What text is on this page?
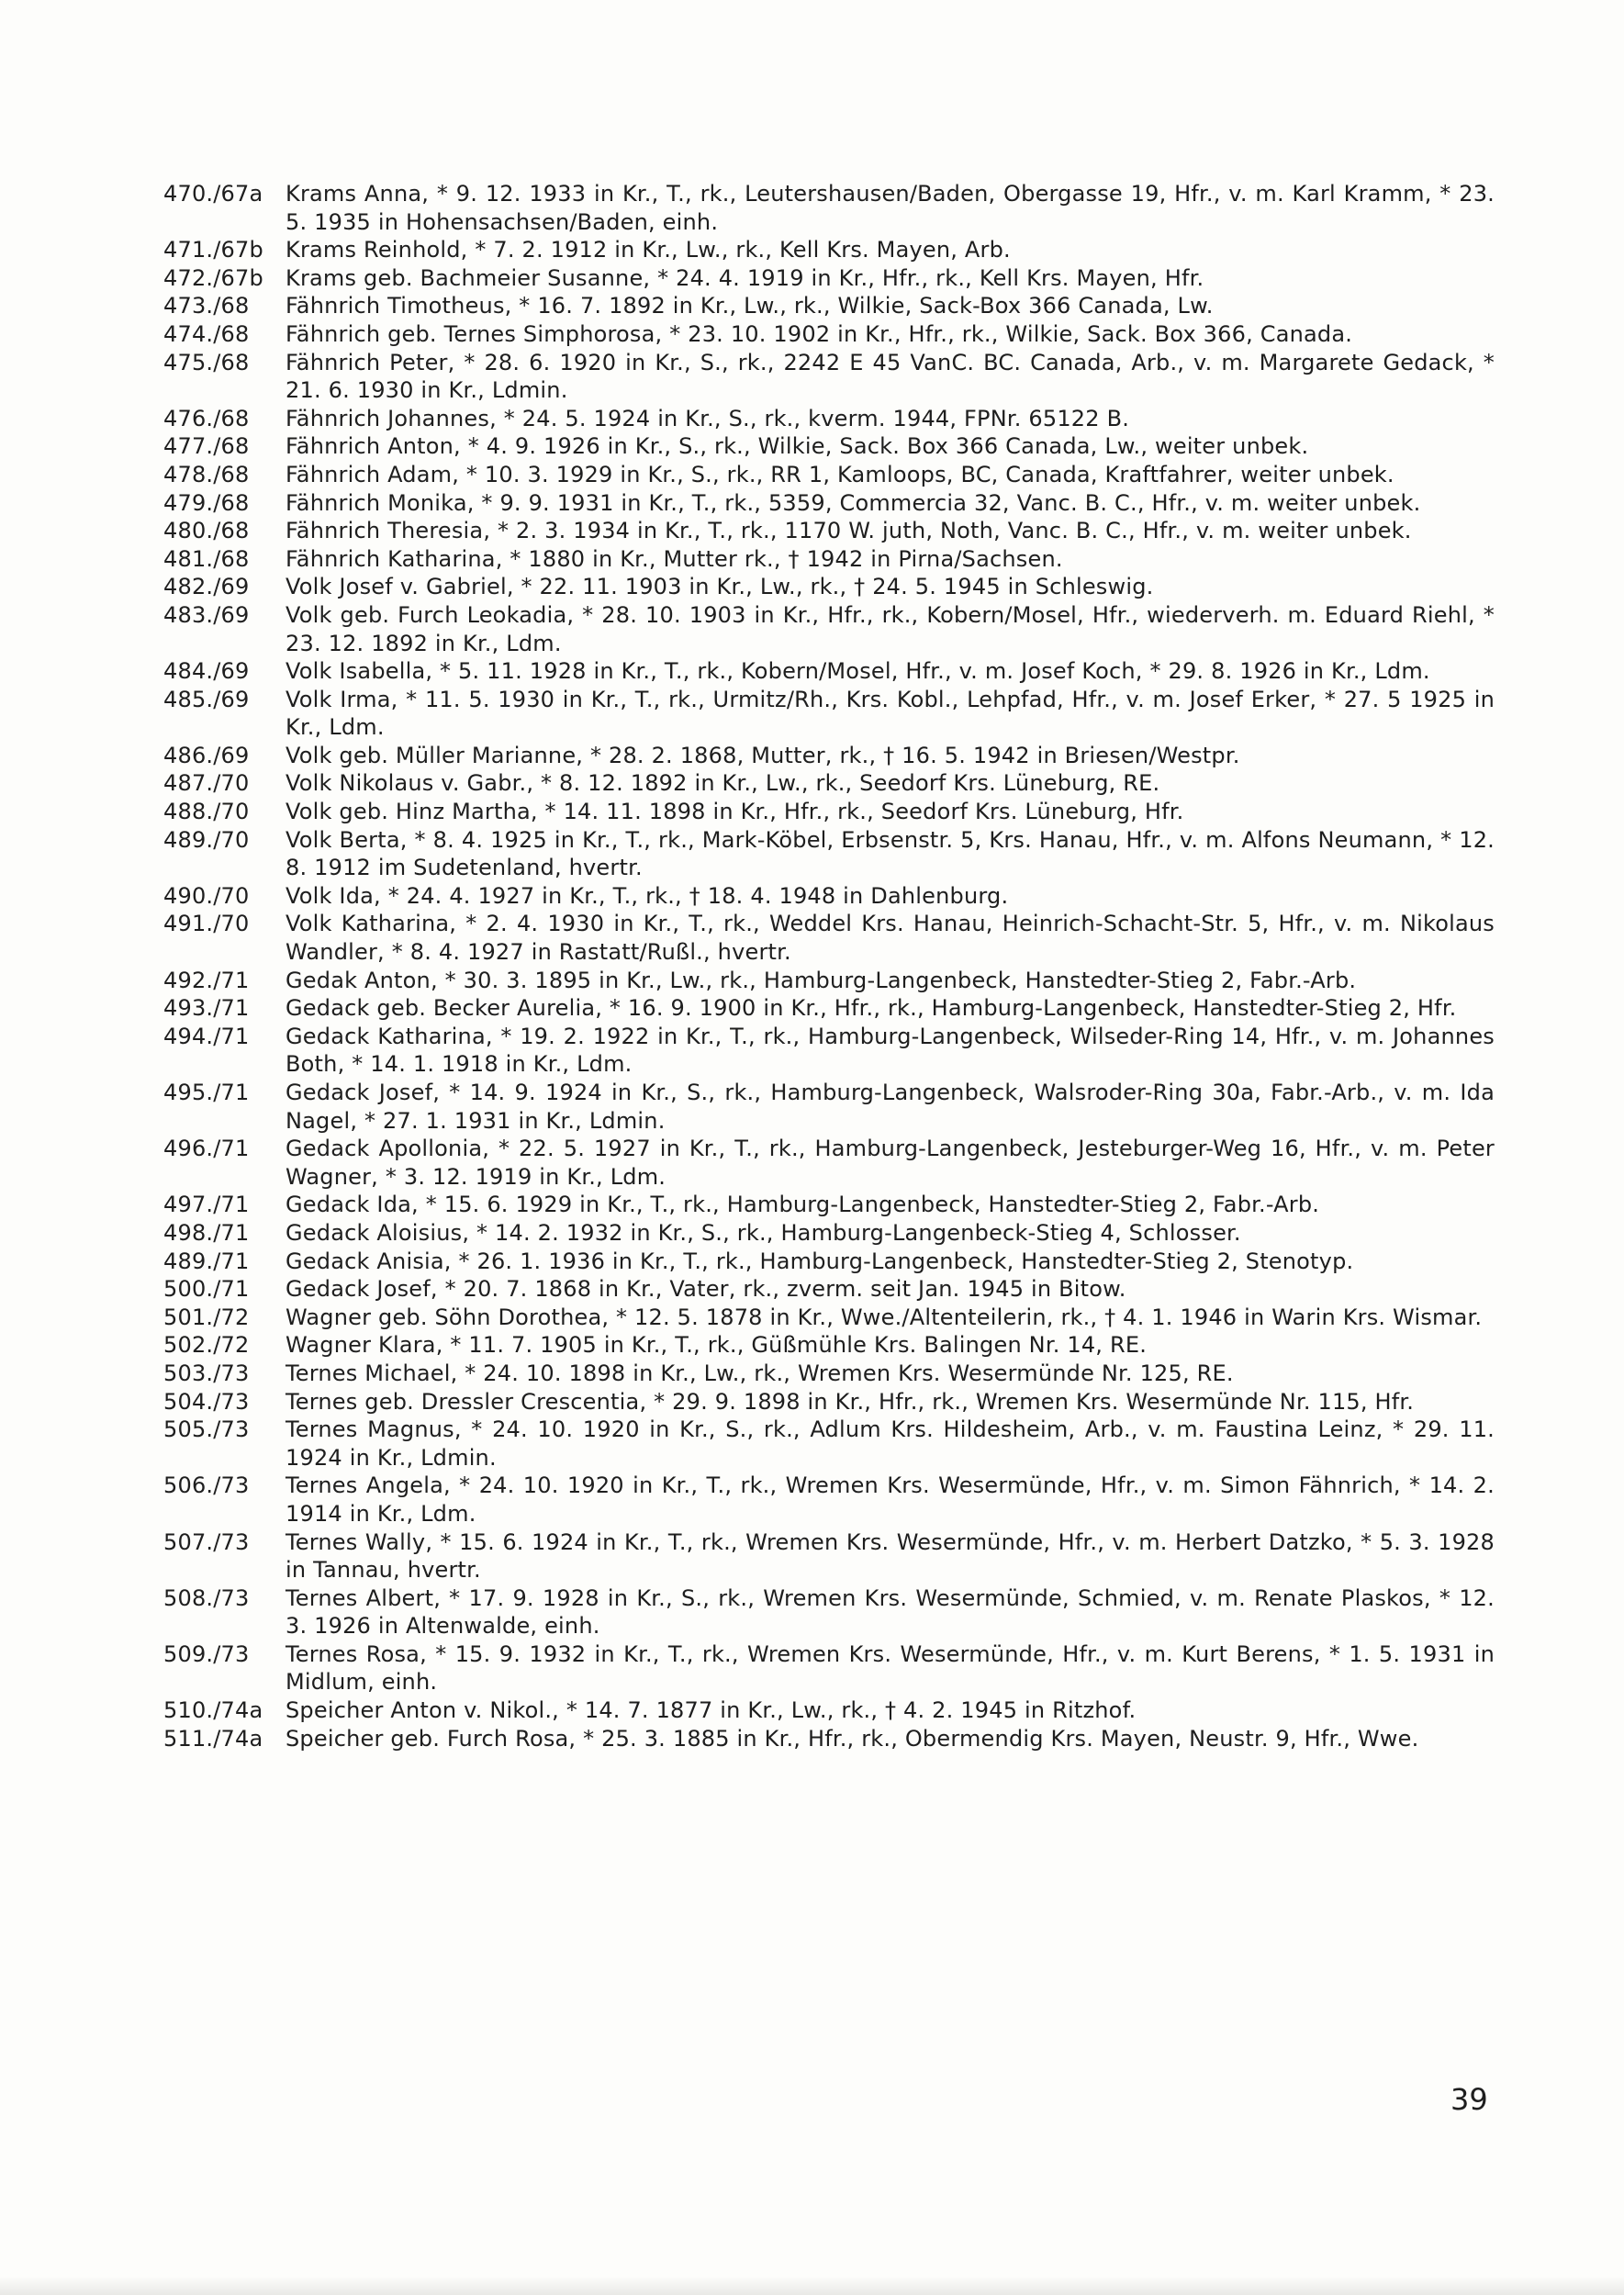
470./67a	Krams Anna, * 9. 12. 1933 in Kr., T., rk., Leutershausen/Baden, Obergasse 19, Hfr., v. m. Karl Kramm, * 23. 5. 1935 in Hohensachsen/Baden, einh.
471./67b	Krams Reinhold, * 7. 2. 1912 in Kr., Lw., rk., Kell Krs. Mayen, Arb.
472./67b	Krams geb. Bachmeier Susanne, * 24. 4. 1919 in Kr., Hfr., rk., Kell Krs. Mayen, Hfr.
473./68	Fähnrich Timotheus, * 16. 7. 1892 in Kr., Lw., rk., Wilkie, Sack-Box 366 Canada, Lw.
474./68	Fähnrich geb. Ternes Simphorosa, * 23. 10. 1902 in Kr., Hfr., rk., Wilkie, Sack. Box 366, Canada.
475./68	Fähnrich Peter, * 28. 6. 1920 in Kr., S., rk., 2242 E 45 VanC. BC. Canada, Arb., v. m. Margarete Gedack, * 21. 6. 1930 in Kr., Ldmin.
476./68	Fähnrich Johannes, * 24. 5. 1924 in Kr., S., rk., kverm. 1944, FPNr. 65122 B.
477./68	Fähnrich Anton, * 4. 9. 1926 in Kr., S., rk., Wilkie, Sack. Box 366 Canada, Lw., weiter unbek.
478./68	Fähnrich Adam, * 10. 3. 1929 in Kr., S., rk., RR 1, Kamloops, BC, Canada, Kraftfahrer, weiter unbek.
479./68	Fähnrich Monika, * 9. 9. 1931 in Kr., T., rk., 5359, Commercia 32, Vanc. B. C., Hfr., v. m. weiter unbek.
480./68	Fähnrich Theresia, * 2. 3. 1934 in Kr., T., rk., 1170 W. juth, Noth, Vanc. B. C., Hfr., v. m. weiter unbek.
481./68	Fähnrich Katharina, * 1880 in Kr., Mutter rk., † 1942 in Pirna/Sachsen.
482./69	Volk Josef v. Gabriel, * 22. 11. 1903 in Kr., Lw., rk., † 24. 5. 1945 in Schleswig.
483./69	Volk geb. Furch Leokadia, * 28. 10. 1903 in Kr., Hfr., rk., Kobern/Mosel, Hfr., wiederverh. m. Eduard Riehl, * 23. 12. 1892 in Kr., Ldm.
484./69	Volk Isabella, * 5. 11. 1928 in Kr., T., rk., Kobern/Mosel, Hfr., v. m. Josef Koch, * 29. 8. 1926 in Kr., Ldm.
485./69	Volk Irma, * 11. 5. 1930 in Kr., T., rk., Urmitz/Rh., Krs. Kobl., Lehpfad, Hfr., v. m. Josef Erker, * 27. 5 1925 in Kr., Ldm.
486./69	Volk geb. Müller Marianne, * 28. 2. 1868, Mutter, rk., † 16. 5. 1942 in Briesen/Westpr.
487./70	Volk Nikolaus v. Gabr., * 8. 12. 1892 in Kr., Lw., rk., Seedorf Krs. Lüneburg, RE.
488./70	Volk geb. Hinz Martha, * 14. 11. 1898 in Kr., Hfr., rk., Seedorf Krs. Lüneburg, Hfr.
489./70	Volk Berta, * 8. 4. 1925 in Kr., T., rk., Mark-Köbel, Erbsenstr. 5, Krs. Hanau, Hfr., v. m. Alfons Neumann, * 12. 8. 1912 im Sudetenland, hvertr.
490./70	Volk Ida, * 24. 4. 1927 in Kr., T., rk., † 18. 4. 1948 in Dahlenburg.
491./70	Volk Katharina, * 2. 4. 1930 in Kr., T., rk., Weddel Krs. Hanau, Heinrich-Schacht-Str. 5, Hfr., v. m. Nikolaus Wandler, * 8. 4. 1927 in Rastatt/Rußl., hvertr.
492./71	Gedak Anton, * 30. 3. 1895 in Kr., Lw., rk., Hamburg-Langenbeck, Hanstedter-Stieg 2, Fabr.-Arb.
493./71	Gedack geb. Becker Aurelia, * 16. 9. 1900 in Kr., Hfr., rk., Hamburg-Langenbeck, Hanstedter-Stieg 2, Hfr.
494./71	Gedack Katharina, * 19. 2. 1922 in Kr., T., rk., Hamburg-Langenbeck, Wilseder-Ring 14, Hfr., v. m. Johannes Both, * 14. 1. 1918 in Kr., Ldm.
495./71	Gedack Josef, * 14. 9. 1924 in Kr., S., rk., Hamburg-Langenbeck, Walsroder-Ring 30a, Fabr.-Arb., v. m. Ida Nagel, * 27. 1. 1931 in Kr., Ldmin.
496./71	Gedack Apollonia, * 22. 5. 1927 in Kr., T., rk., Hamburg-Langenbeck, Jesteburger-Weg 16, Hfr., v. m. Peter Wagner, * 3. 12. 1919 in Kr., Ldm.
497./71	Gedack Ida, * 15. 6. 1929 in Kr., T., rk., Hamburg-Langenbeck, Hanstedter-Stieg 2, Fabr.-Arb.
498./71	Gedack Aloisius, * 14. 2. 1932 in Kr., S., rk., Hamburg-Langenbeck-Stieg 4, Schlosser.
489./71	Gedack Anisia, * 26. 1. 1936 in Kr., T., rk., Hamburg-Langenbeck, Hanstedter-Stieg 2, Stenotyp.
500./71	Gedack Josef, * 20. 7. 1868 in Kr., Vater, rk., zverm. seit Jan. 1945 in Bitow.
501./72	Wagner geb. Söhn Dorothea, * 12. 5. 1878 in Kr., Wwe./Altenteilerin, rk., † 4. 1. 1946 in Warin Krs. Wismar.
502./72	Wagner Klara, * 11. 7. 1905 in Kr., T., rk., Güßmühle Krs. Balingen Nr. 14, RE.
503./73	Ternes Michael, * 24. 10. 1898 in Kr., Lw., rk., Wremen Krs. Wesermünde Nr. 125, RE.
504./73	Ternes geb. Dressler Crescentia, * 29. 9. 1898 in Kr., Hfr., rk., Wremen Krs. Wesermünde Nr. 115, Hfr.
505./73	Ternes Magnus, * 24. 10. 1920 in Kr., S., rk., Adlum Krs. Hildesheim, Arb., v. m. Faustina Leinz, * 29. 11. 1924 in Kr., Ldmin.
506./73	Ternes Angela, * 24. 10. 1920 in Kr., T., rk., Wremen Krs. Wesermünde, Hfr., v. m. Simon Fähnrich, * 14. 2. 1914 in Kr., Ldm.
507./73	Ternes Wally, * 15. 6. 1924 in Kr., T., rk., Wremen Krs. Wesermünde, Hfr., v. m. Herbert Datzko, * 5. 3. 1928 in Tannau, hvertr.
508./73	Ternes Albert, * 17. 9. 1928 in Kr., S., rk., Wremen Krs. Wesermünde, Schmied, v. m. Renate Plaskos, * 12. 3. 1926 in Altenwalde, einh.
509./73	Ternes Rosa, * 15. 9. 1932 in Kr., T., rk., Wremen Krs. Wesermünde, Hfr., v. m. Kurt Berens, * 1. 5. 1931 in Midlum, einh.
510./74a	Speicher Anton v. Nikol., * 14. 7. 1877 in Kr., Lw., rk., † 4. 2. 1945 in Ritzhof.
511./74a	Speicher geb. Furch Rosa, * 25. 3. 1885 in Kr., Hfr., rk., Obermendig Krs. Mayen, Neustr. 9, Hfr., Wwe.
39
